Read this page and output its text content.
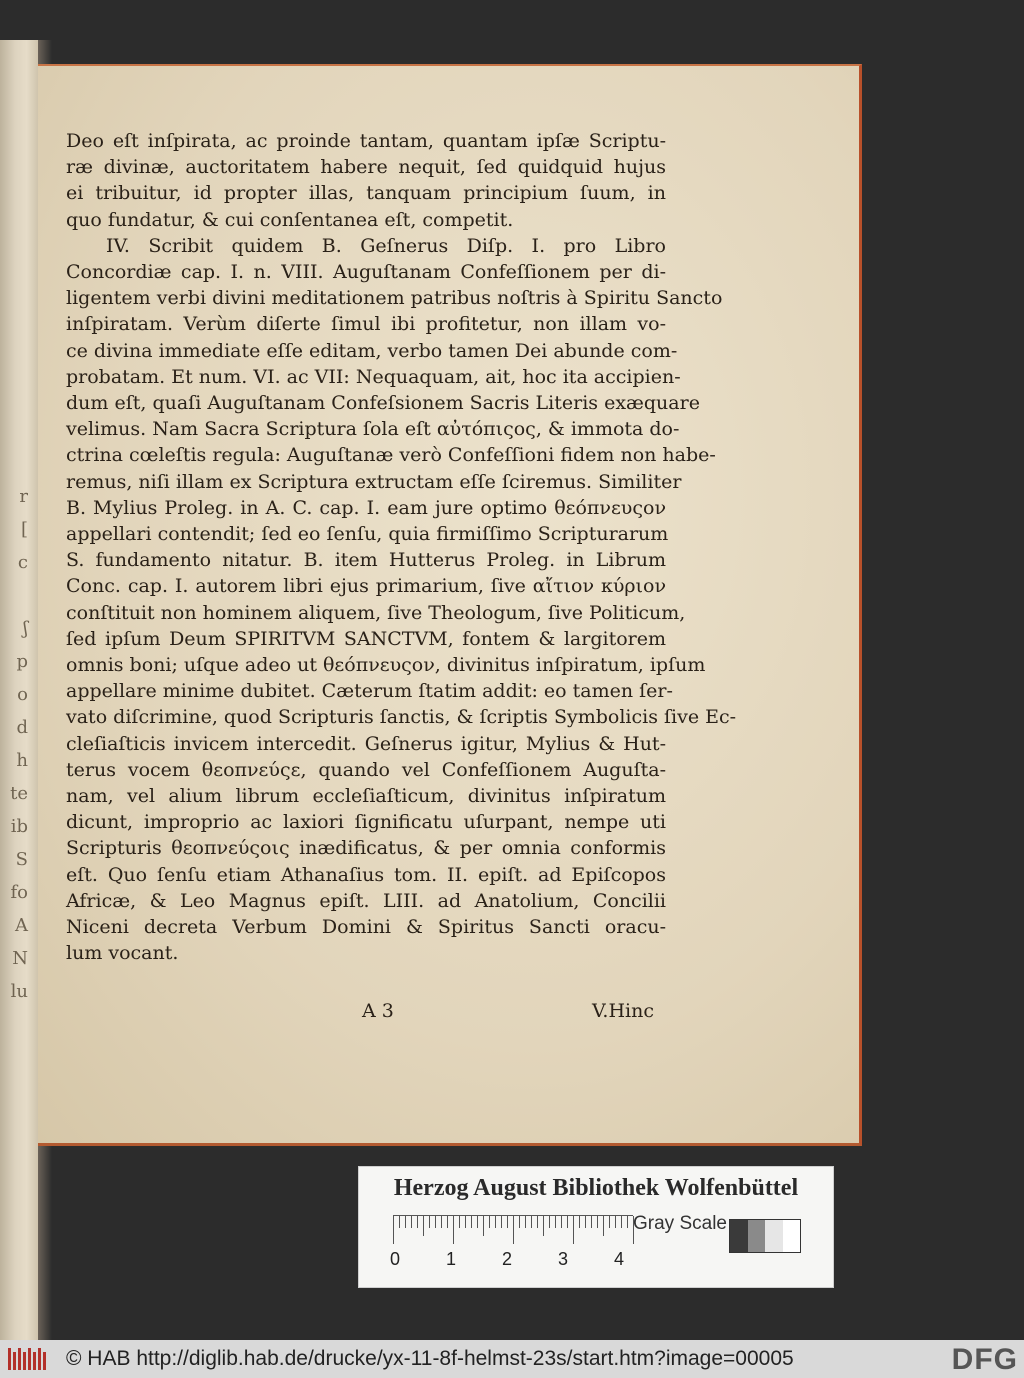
r
[
c
ʃ
p
o
d
h
te
ib
S
fo
A
N
lu
Deo eſt inſpirata, ac proinde tantam, quantam ipſæ Scriptu-
ræ divinæ, auctoritatem habere nequit, ſed quidquid hujus
ei tribuitur, id propter illas, tanquam principium ſuum, in
quo fundatur, & cui conſentanea eſt, competit.
IV. Scribit quidem B. Geſnerus Diſp. I. pro Libro
Concordiæ cap. I. n. VIII. Auguſtanam Confeſſionem per di-
ligentem verbi divini meditationem patribus noſtris à Spiritu Sancto
inſpiratam. Verùm diſerte ſimul ibi profitetur, non illam vo-
ce divina immediate eſſe editam, verbo tamen Dei abunde com-
probatam. Et num. VI. ac VII: Nequaquam, ait, hoc ita accipien-
dum eſt, quaſi Auguſtanam Confeſsionem Sacris Literis exæquare
velimus. Nam Sacra Scriptura ſola eſt αὐτόπιςος, & immota do-
ctrina cœleſtis regula: Auguſtanæ verò Confeſſioni fidem non habe-
remus, niſi illam ex Scriptura extructam eſſe ſciremus. Similiter
B. Mylius Proleg. in A. C. cap. I. eam jure optimo θεόπνευςον
appellari contendit; ſed eo ſenſu, quia firmiſſimo Scripturarum
S. fundamento nitatur. B. item Hutterus Proleg. in Librum
Conc. cap. I. autorem libri ejus primarium, ſive αἴτιον κύριον
conſtituit non hominem aliquem, ſive Theologum, ſive Politicum,
ſed ipſum Deum SPIRITVM SANCTVM, fontem & largitorem
omnis boni; uſque adeo ut θεόπνευςον, divinitus inſpiratum, ipſum
appellare minime dubitet. Cæterum ſtatim addit: eo tamen ſer-
vato diſcrimine, quod Scripturis ſanctis, & ſcriptis Symbolicis ſive Ec-
cleſiaſticis invicem intercedit. Geſnerus igitur, Mylius & Hut-
terus vocem θεοπνεύςε, quando vel Confeſſionem Auguſta-
nam, vel alium librum eccleſiaſticum, divinitus inſpiratum
dicunt, improprio ac laxiori ſignificatu uſurpant, nempe uti
Scripturis θεοπνεύςοις inædificatus, & per omnia conformis
eſt. Quo ſenſu etiam Athanaſius tom. II. epiſt. ad Epiſcopos
Africæ, & Leo Magnus epiſt. LIII. ad Anatolium, Concilii
Niceni decreta Verbum Domini & Spiritus Sancti oracu-
lum vocant.
A 3	V.Hinc
Herzog August Bibliothek Wolfenbüttel
0	1	2	3	4
Gray Scale
© HAB http://diglib.hab.de/drucke/yx-11-8f-helmst-23s/start.htm?image=00005	DFG
